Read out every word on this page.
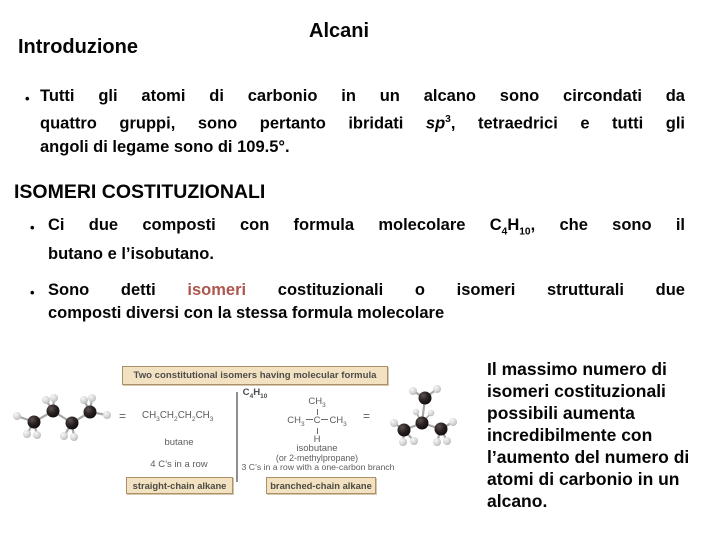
Alcani
Introduzione
• Tutti gli atomi di carbonio in un alcano sono circondati da
quattro gruppi, sono pertanto ibridati $sp^3$, tetraedrici e tutti gli
angoli di legame sono di 109.5°.
ISOMERI COSTITUZIONALI
• Ci due composti con formula molecolare $C_4H_{10}$, che sono il
butano e l’isobutano.
• Sono detti isomeri costituzionali o isomeri strutturali due
composti diversi con la stessa formula molecolare
Two constitutional isomers having molecular formula $C_4H_{10}$
= $CH_3CH_2CH_2CH_3$
butane
4 C’s in a row
straight-chain alkane
$CH_3$
$CH_3$ C $CH_3$
H
=
isobutane
(or 2-methylpropane)
3 C’s in a row with a one-carbon branch
branched-chain alkane
Il massimo numero di
isomeri costituzionali
possibili aumenta
incredibilmente con
l’aumento del numero di
atomi di carbonio in un
alcano.
